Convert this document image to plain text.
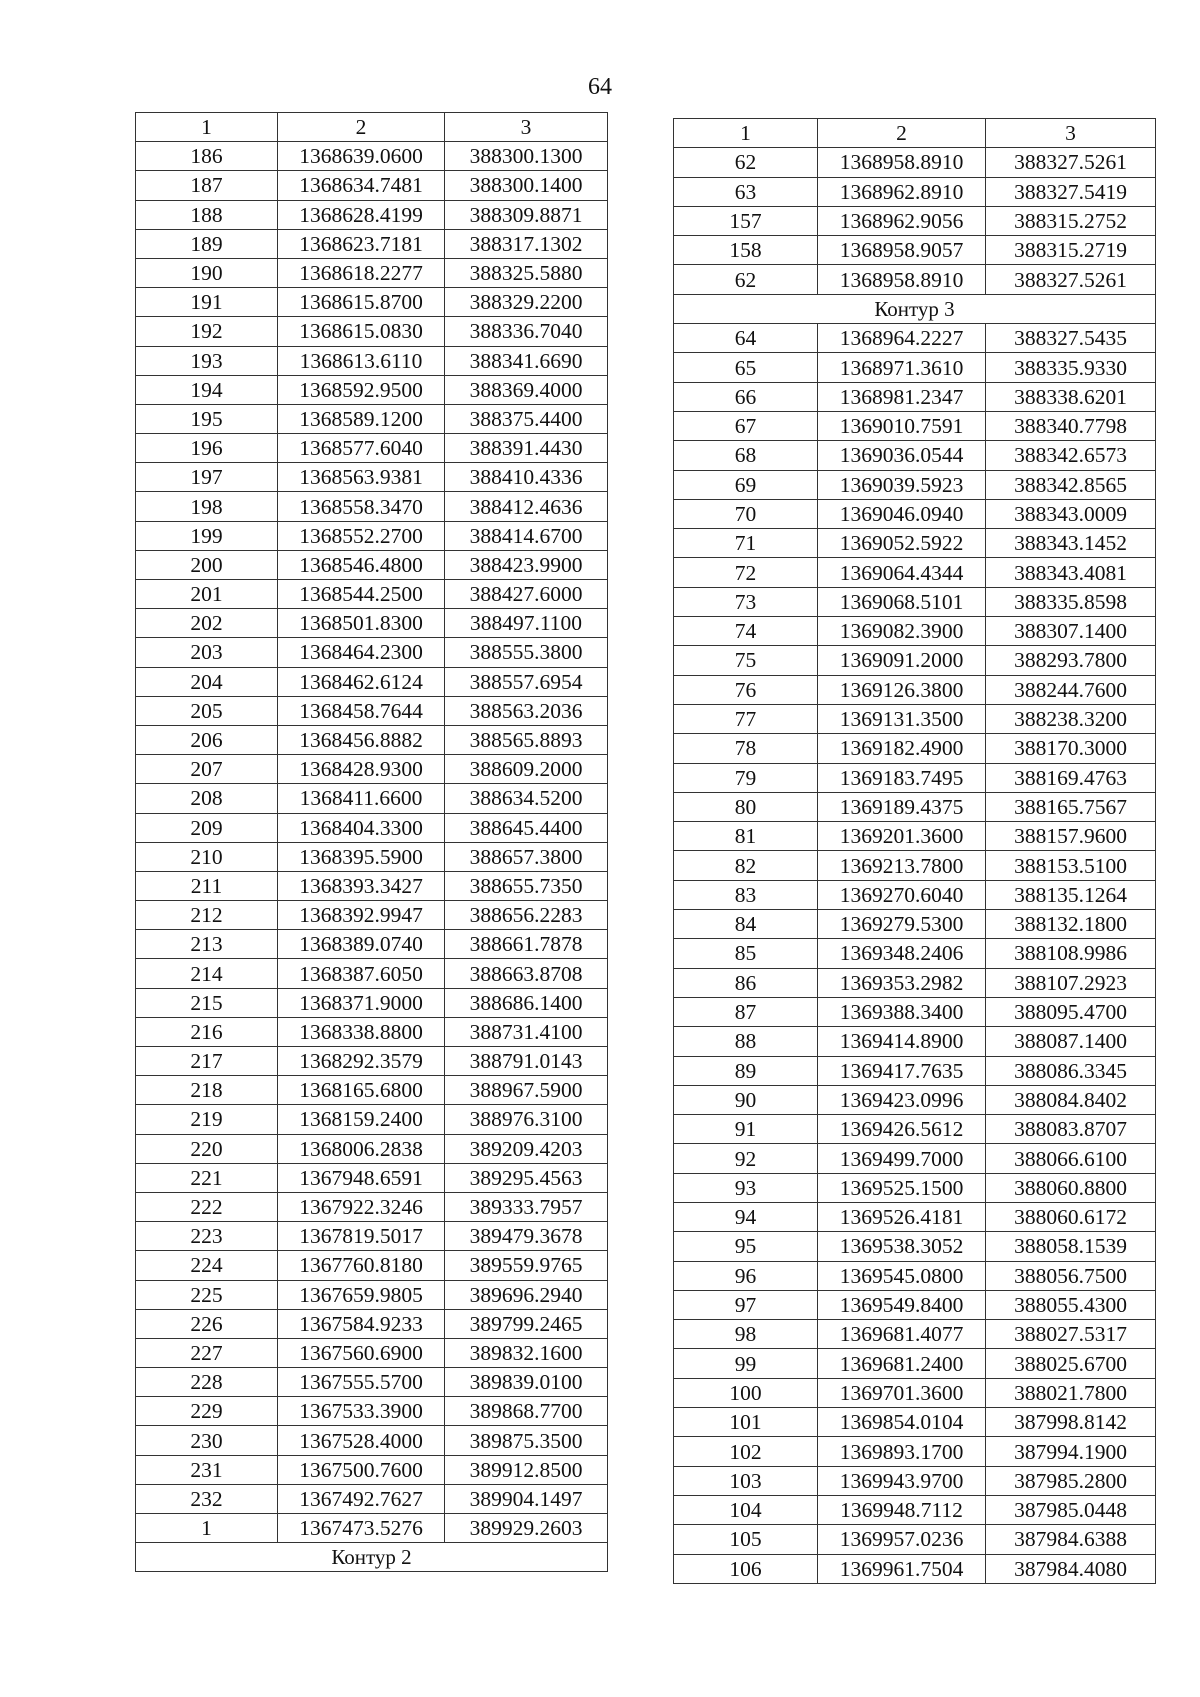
64
1	2	3
186	1368639.0600	388300.1300
187	1368634.7481	388300.1400
188	1368628.4199	388309.8871
189	1368623.7181	388317.1302
190	1368618.2277	388325.5880
191	1368615.8700	388329.2200
192	1368615.0830	388336.7040
193	1368613.6110	388341.6690
194	1368592.9500	388369.4000
195	1368589.1200	388375.4400
196	1368577.6040	388391.4430
197	1368563.9381	388410.4336
198	1368558.3470	388412.4636
199	1368552.2700	388414.6700
200	1368546.4800	388423.9900
201	1368544.2500	388427.6000
202	1368501.8300	388497.1100
203	1368464.2300	388555.3800
204	1368462.6124	388557.6954
205	1368458.7644	388563.2036
206	1368456.8882	388565.8893
207	1368428.9300	388609.2000
208	1368411.6600	388634.5200
209	1368404.3300	388645.4400
210	1368395.5900	388657.3800
211	1368393.3427	388655.7350
212	1368392.9947	388656.2283
213	1368389.0740	388661.7878
214	1368387.6050	388663.8708
215	1368371.9000	388686.1400
216	1368338.8800	388731.4100
217	1368292.3579	388791.0143
218	1368165.6800	388967.5900
219	1368159.2400	388976.3100
220	1368006.2838	389209.4203
221	1367948.6591	389295.4563
222	1367922.3246	389333.7957
223	1367819.5017	389479.3678
224	1367760.8180	389559.9765
225	1367659.9805	389696.2940
226	1367584.9233	389799.2465
227	1367560.6900	389832.1600
228	1367555.5700	389839.0100
229	1367533.3900	389868.7700
230	1367528.4000	389875.3500
231	1367500.7600	389912.8500
232	1367492.7627	389904.1497
1	1367473.5276	389929.2603
Контур 2		
1	2	3
62	1368958.8910	388327.5261
63	1368962.8910	388327.5419
157	1368962.9056	388315.2752
158	1368958.9057	388315.2719
62	1368958.8910	388327.5261
Контур 3		
64	1368964.2227	388327.5435
65	1368971.3610	388335.9330
66	1368981.2347	388338.6201
67	1369010.7591	388340.7798
68	1369036.0544	388342.6573
69	1369039.5923	388342.8565
70	1369046.0940	388343.0009
71	1369052.5922	388343.1452
72	1369064.4344	388343.4081
73	1369068.5101	388335.8598
74	1369082.3900	388307.1400
75	1369091.2000	388293.7800
76	1369126.3800	388244.7600
77	1369131.3500	388238.3200
78	1369182.4900	388170.3000
79	1369183.7495	388169.4763
80	1369189.4375	388165.7567
81	1369201.3600	388157.9600
82	1369213.7800	388153.5100
83	1369270.6040	388135.1264
84	1369279.5300	388132.1800
85	1369348.2406	388108.9986
86	1369353.2982	388107.2923
87	1369388.3400	388095.4700
88	1369414.8900	388087.1400
89	1369417.7635	388086.3345
90	1369423.0996	388084.8402
91	1369426.5612	388083.8707
92	1369499.7000	388066.6100
93	1369525.1500	388060.8800
94	1369526.4181	388060.6172
95	1369538.3052	388058.1539
96	1369545.0800	388056.7500
97	1369549.8400	388055.4300
98	1369681.4077	388027.5317
99	1369681.2400	388025.6700
100	1369701.3600	388021.7800
101	1369854.0104	387998.8142
102	1369893.1700	387994.1900
103	1369943.9700	387985.2800
104	1369948.7112	387985.0448
105	1369957.0236	387984.6388
106	1369961.7504	387984.4080
